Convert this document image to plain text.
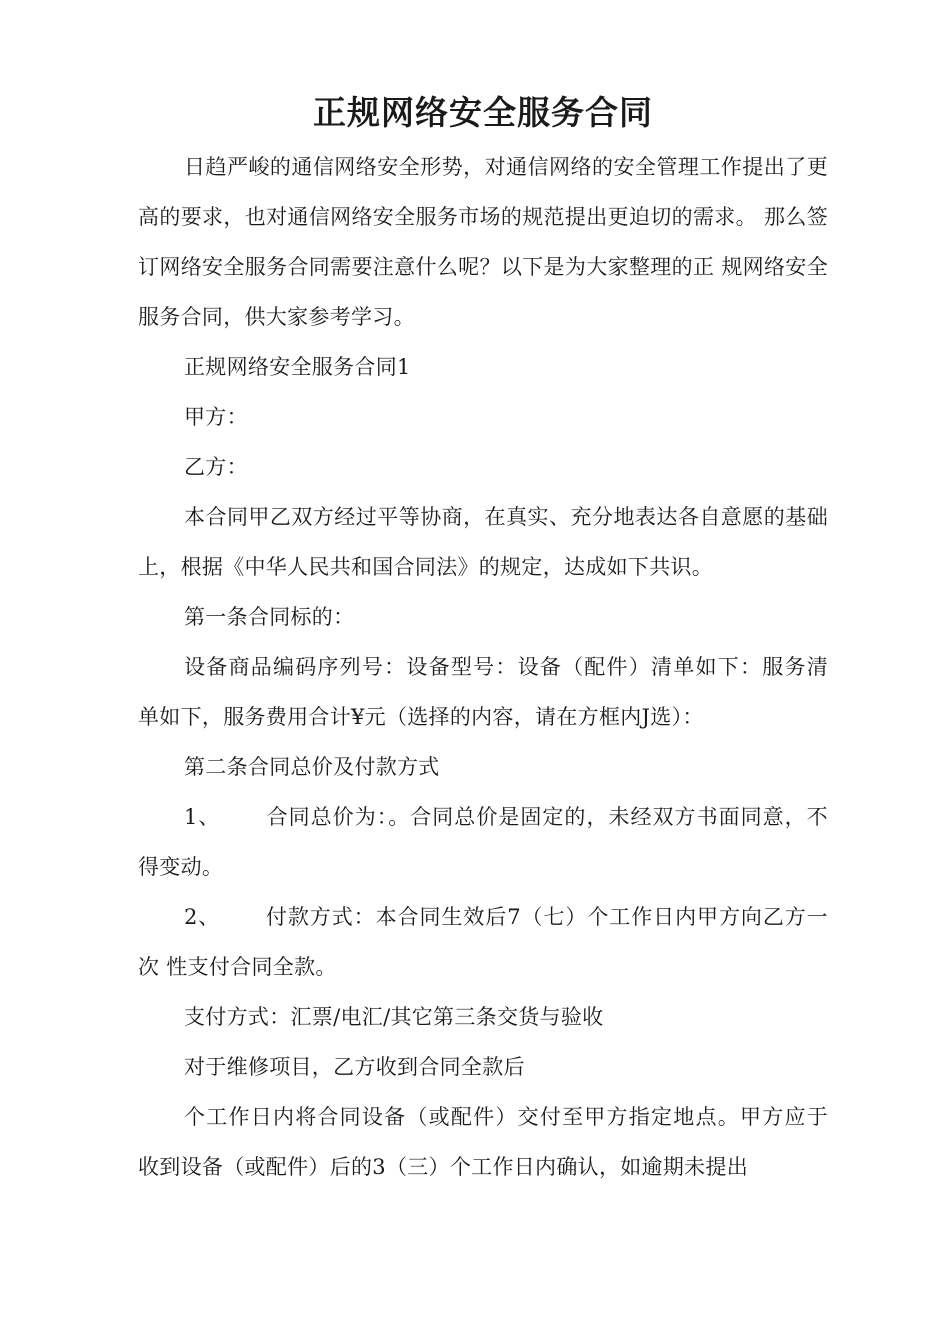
正规网络安全服务合同

日趋严峻的通信网络安全形势，对通信网络的安全管理工作提出了更高的要求，也对通信网络安全服务市场的规范提出更迫切的需求。 那么签订网络安全服务合同需要注意什么呢？以下是为大家整理的正 规网络安全服务合同，供大家参考学习。

正规网络安全服务合同1

甲方：

乙方：

本合同甲乙双方经过平等协商，在真实、充分地表达各自意愿的基础上，根据《中华人民共和国合同法》的规定，达成如下共识。

第一条合同标的：

设备商品编码序列号：设备型号：设备（配件）清单如下：服务清 单如下，服务费用合计¥元（选择的内容，请在方框内J选）：

第二条合同总价及付款方式

1、      合同总价为：。合同总价是固定的，未经双方书面同意，不 得变动。

2、      付款方式：本合同生效后7（七）个工作日内甲方向乙方一次 性支付合同全款。

支付方式：汇票/电汇/其它第三条交货与验收

对于维修项目，乙方收到合同全款后

个工作日内将合同设备（或配件）交付至甲方指定地点。甲方应于 收到设备（或配件）后的3（三）个工作日内确认，如逾期未提出
